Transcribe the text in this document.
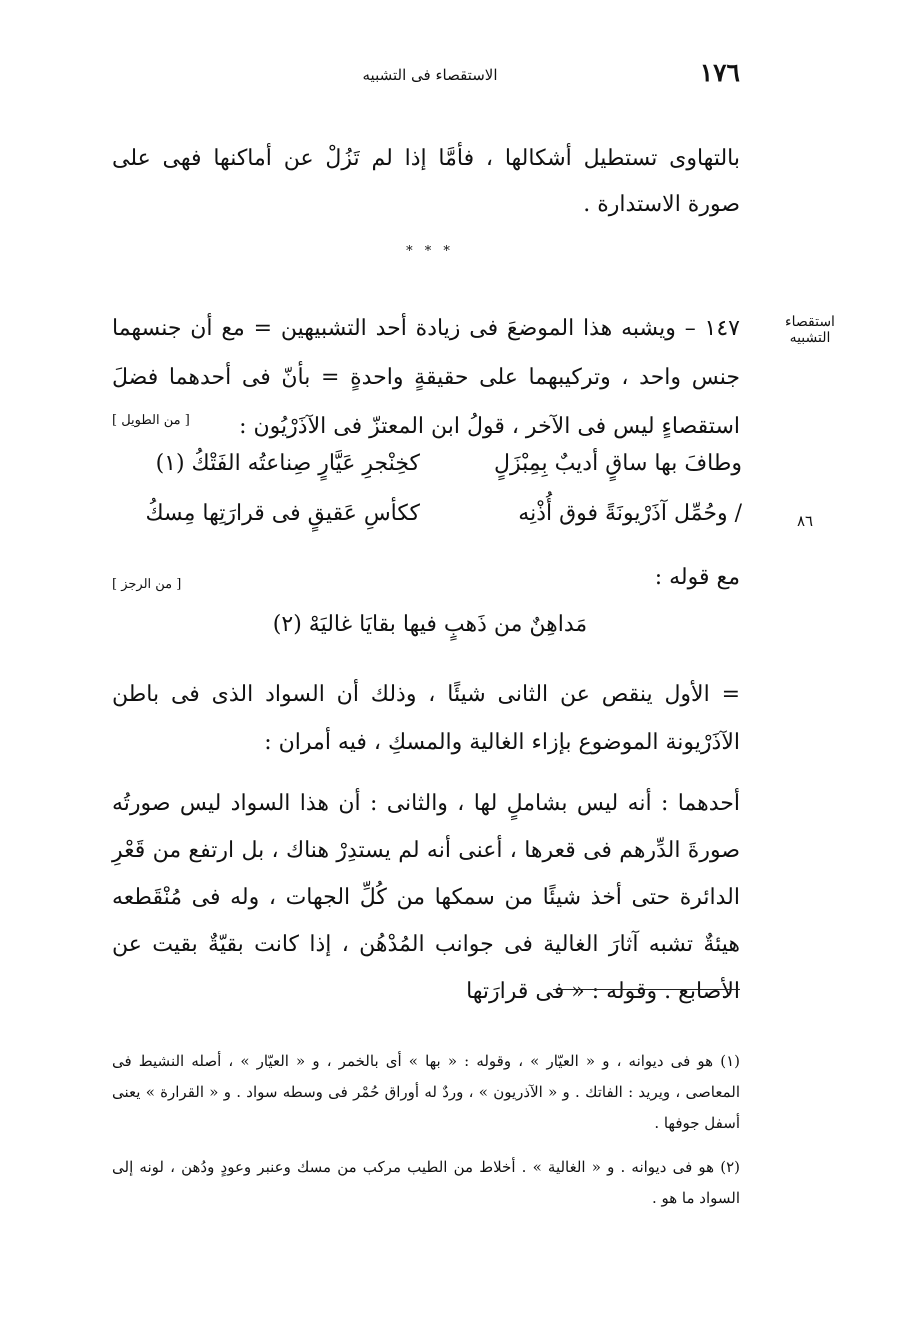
الاستقصاء فى التشبيه	١٧٦
بالتهاوى تستطيل أشكالها ، فأمَّا إذا لم تَزُلْ عن أماكنها فهى على صورة الاستدارة .
* * *
استقصاء التشبيه
١٤٧ – ويشبه هذا الموضعَ فى زيادة أحد التشبيهين = مع أن جنسهما جنس واحد ، وتركيبهما على حقيقةٍ واحدةٍ = بأنّ فى أحدهما فضلَ استقصاءٍ ليس فى الآخر ، قولُ ابن المعتزّ فى الآذَرْيُون :
[ من الطويل ]
وطافَ بها ساقٍ أديبٌ بِمِبْزَلٍ
كخِنْجرِ عَيَّارٍ صِناعتُه الفَتْكُ (١)
/ وحُمِّل آذَرْيونَةً فوق أُذْنِه
ككأسِ عَقيقٍ فى قرارَتِها مِسكُ	٨٦
مع قوله :
[ من الرجز ]
مَداهِنٌ من ذَهبٍ فيها بقايَا غاليَهْ (٢)
= الأول ينقص عن الثانى شيئًا ، وذلك أن السواد الذى فى باطن الآذَرْيونة الموضوع بإزاء الغالية والمسكِ ، فيه أمران :
أحدهما : أنه ليس بشاملٍ لها ، والثانى : أن هذا السواد ليس صورتُه صورةَ الدِّرهم فى قعرها ، أعنى أنه لم يستدِرْ هناك ، بل ارتفع من قَعْرِ الدائرة حتى أخذ شيئًا من سمكها من كُلِّ الجهات ، وله فى مُنْقَطعه هيئةٌ تشبه آثارَ الغالية فى جوانب المُدْهُن ، إذا كانت بقيّةٌ بقيت عن الأصابع . وقوله : « فى قرارَتها
(١) هو فى ديوانه ، و « العيّار » ، وقوله : « بها » أى بالخمر ، و « العيّار » ، أصله النشيط فى المعاصى ، ويريد : الفاتك . و « الآذريون » ، وردٌ له أوراق حُمْر فى وسطه سواد . و « القرارة » يعنى أسفل جوفها .
(٢) هو فى ديوانه . و « الغالية » . أخلاط من الطيب مركب من مسك وعنبر وعودٍ ودُهن ، لونه إلى السواد ما هو .
